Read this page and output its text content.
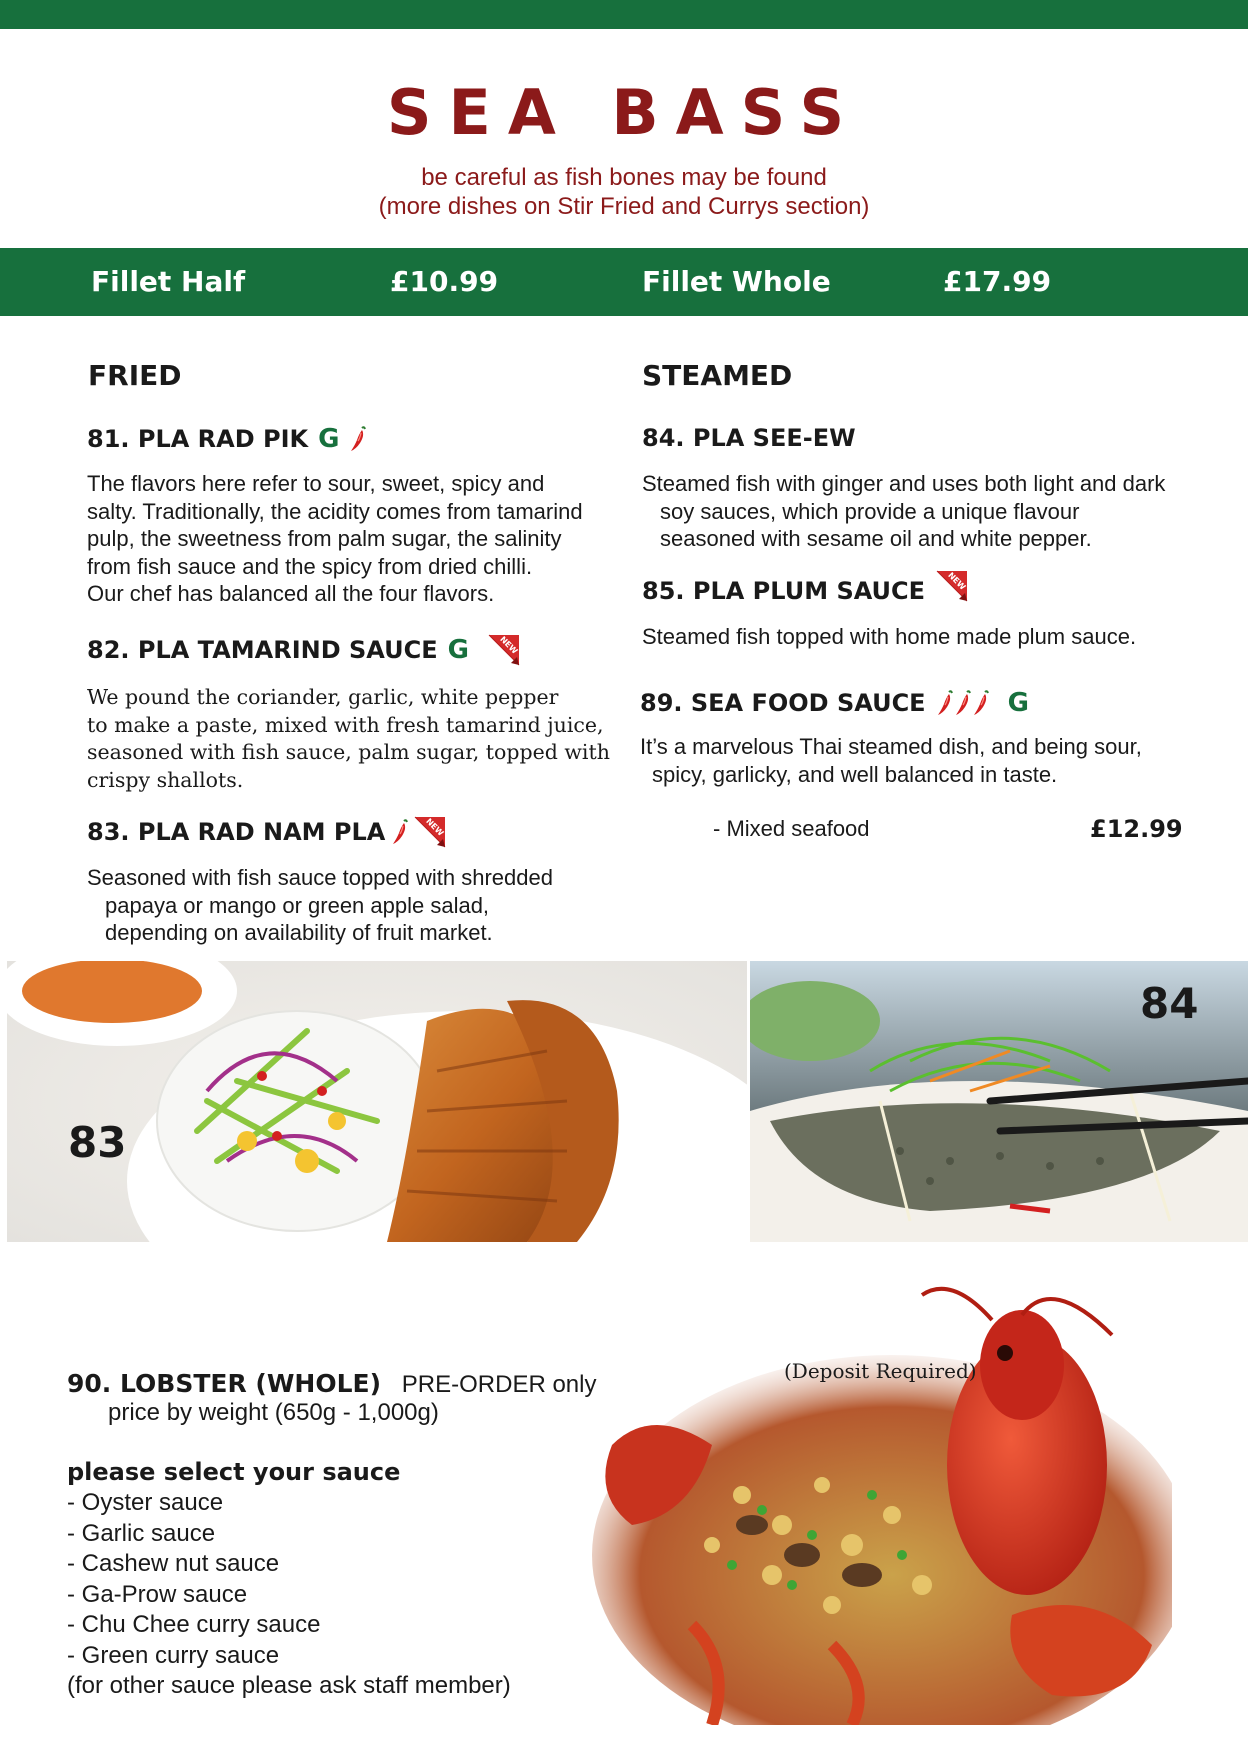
SEA BASS
be careful as fish bones may be found
(more dishes on Stir Fried and Currys section)
Fillet Half	£10.99	Fillet Whole	£17.99
FRIED
81. PLA RAD PIK G
The flavors here refer to sour, sweet, spicy and
salty. Traditionally, the acidity comes from tamarind
pulp, the sweetness from palm sugar, the salinity
from fish sauce and the spicy from dried chilli.
Our chef has balanced all the four flavors.
82. PLA TAMARIND SAUCE G
We pound the coriander, garlic, white pepper
to make a paste, mixed with fresh tamarind juice,
seasoned with fish sauce, palm sugar, topped with
crispy shallots.
83. PLA RAD NAM PLA
Seasoned with fish sauce topped with shredded
papaya or mango or green apple salad,
depending on availability of fruit market.
STEAMED
84. PLA SEE-EW
Steamed fish with ginger and uses both light and dark
soy sauces, which provide a unique flavour
seasoned with sesame oil and white pepper.
85. PLA PLUM SAUCE
Steamed fish topped with home made plum sauce.
89. SEA FOOD SAUCE	G
It’s a marvelous Thai steamed dish, and being sour,
spicy, garlicky, and well balanced in taste.
- Mixed seafood	£12.99
83
84
90. LOBSTER (WHOLE) PRE-ORDER only
price by weight (650g - 1,000g)
please select your sauce
- Oyster sauce
- Garlic sauce
- Cashew nut sauce
- Ga-Prow sauce
- Chu Chee curry sauce
- Green curry sauce
(for other sauce please ask staff member)
(Deposit Required)
